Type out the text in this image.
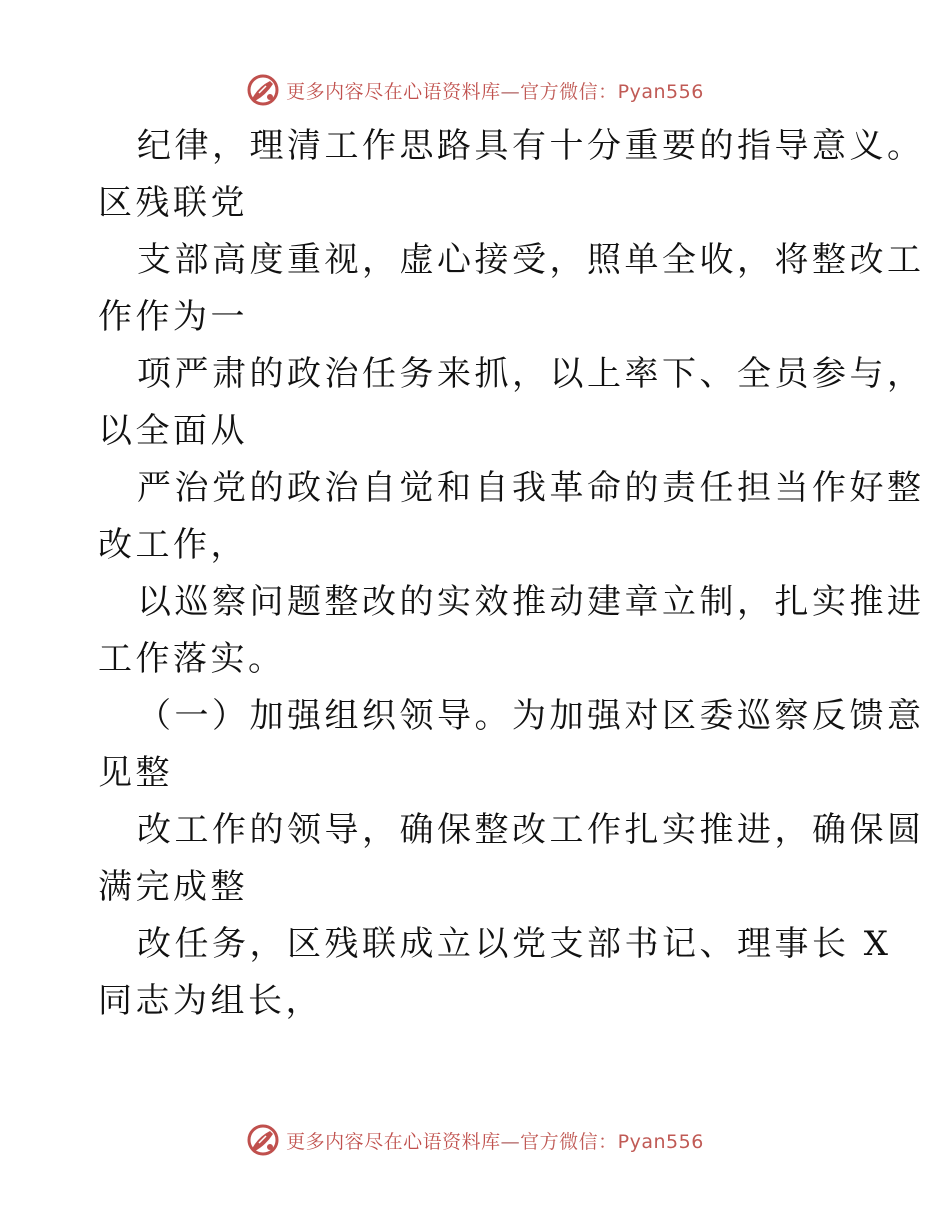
更多内容尽在心语资料库—官方微信：Pyan556
纪律，理清工作思路具有十分重要的指导意义。
区残联党
支部高度重视，虚心接受，照单全收，将整改工
作作为一
项严肃的政治任务来抓，以上率下、全员参与，
以全面从
严治党的政治自觉和自我革命的责任担当作好整
改工作，
以巡察问题整改的实效推动建章立制，扎实推进
工作落实。
（一）加强组织领导。为加强对区委巡察反馈意
见整
改工作的领导，确保整改工作扎实推进，确保圆
满完成整
改任务，区残联成立以党支部书记、理事长 X
同志为组长，
更多内容尽在心语资料库—官方微信：Pyan556
